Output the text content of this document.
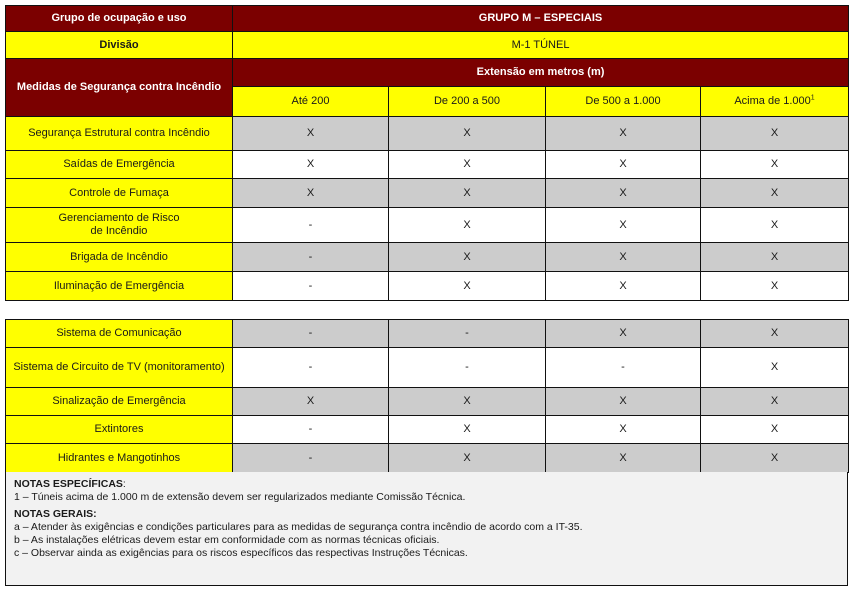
Grupo de ocupação e uso	GRUPO M – ESPECIAIS			
Divisão	M-1 TÚNEL			
Medidas de Segurança contra Incêndio	Extensão em metros (m)			
	Até 200	De 200 a 500	De 500 a 1.000	Acima de 1.000$^1$
Segurança Estrutural contra Incêndio	X	X	X	X
Saídas de Emergência	X	X	X	X
Controle de Fumaça	X	X	X	X
Gerenciamento de Risco
de Incêndio	-	X	X	X
Brigada de Incêndio	-	X	X	X
Iluminação de Emergência	-	X	X	X
Sistema de Comunicação	-	-	X	X
Sistema de Circuito de TV (monitoramento)	-	-	-	X
Sinalização de Emergência	X	X	X	X
Extintores	-	X	X	X
Hidrantes e Mangotinhos	-	X	X	X
NOTAS ESPECÍFICAS:
1 – Túneis acima de 1.000 m de extensão devem ser regularizados mediante Comissão Técnica.
NOTAS GERAIS:
a – Atender às exigências e condições particulares para as medidas de segurança contra incêndio de acordo com a IT-35.
b – As instalações elétricas devem estar em conformidade com as normas técnicas oficiais.
c – Observar ainda as exigências para os riscos específicos das respectivas Instruções Técnicas.
